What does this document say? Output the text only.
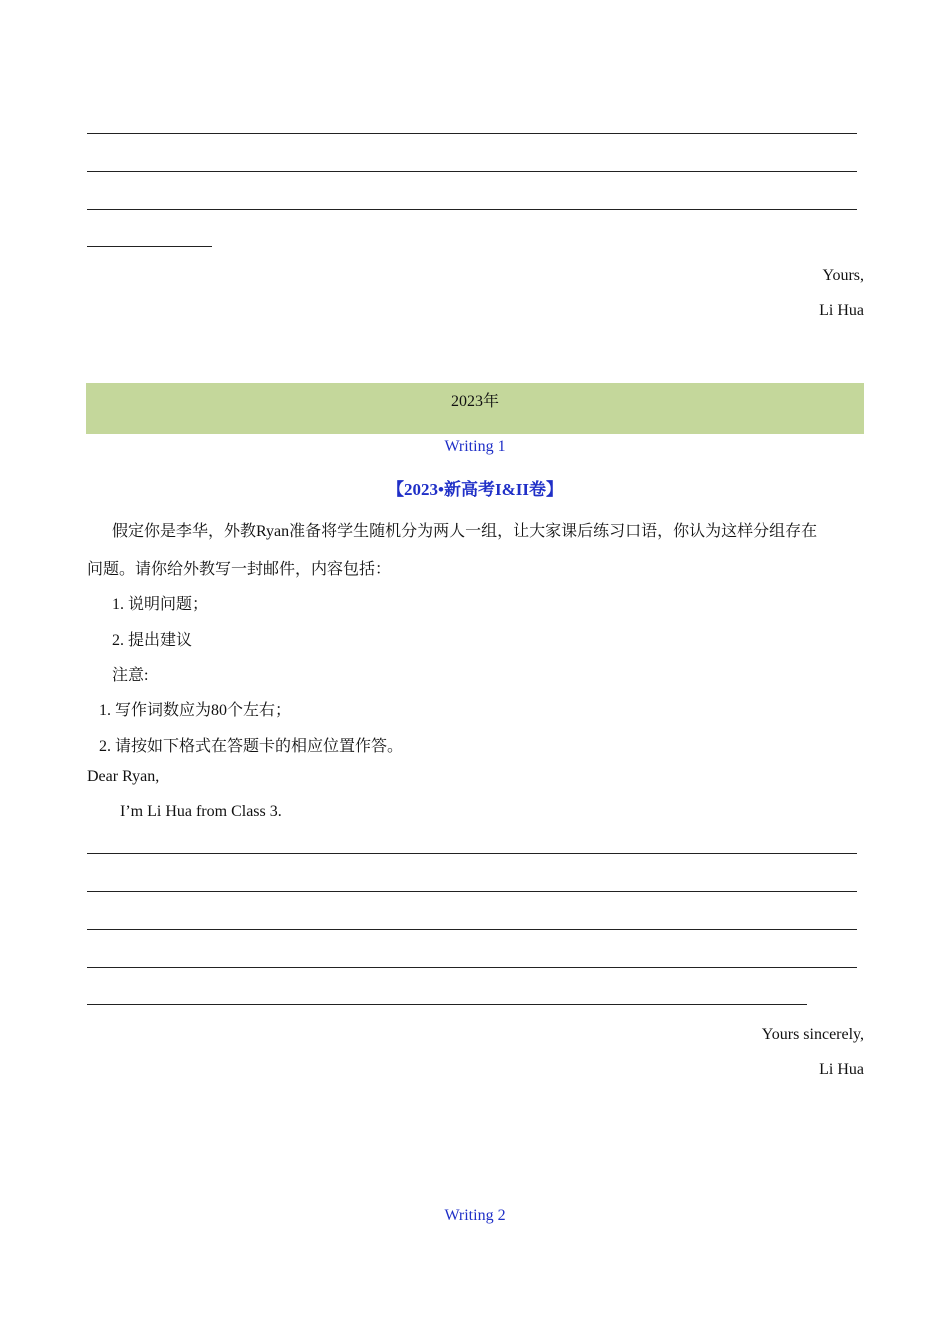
Yours,
Li Hua
2023年
Writing 1
【2023•新高考I&II卷】
假定你是李华，外教Ryan准备将学生随机分为两人一组，让大家课后练习口语，你认为这样分组存在
问题。请你给外教写一封邮件，内容包括：
1. 说明问题；
2. 提出建议
注意:
1. 写作词数应为80个左右；
2. 请按如下格式在答题卡的相应位置作答。
Dear Ryan,
I’m Li Hua from Class 3.
Yours sincerely,
Li Hua
Writing 2
